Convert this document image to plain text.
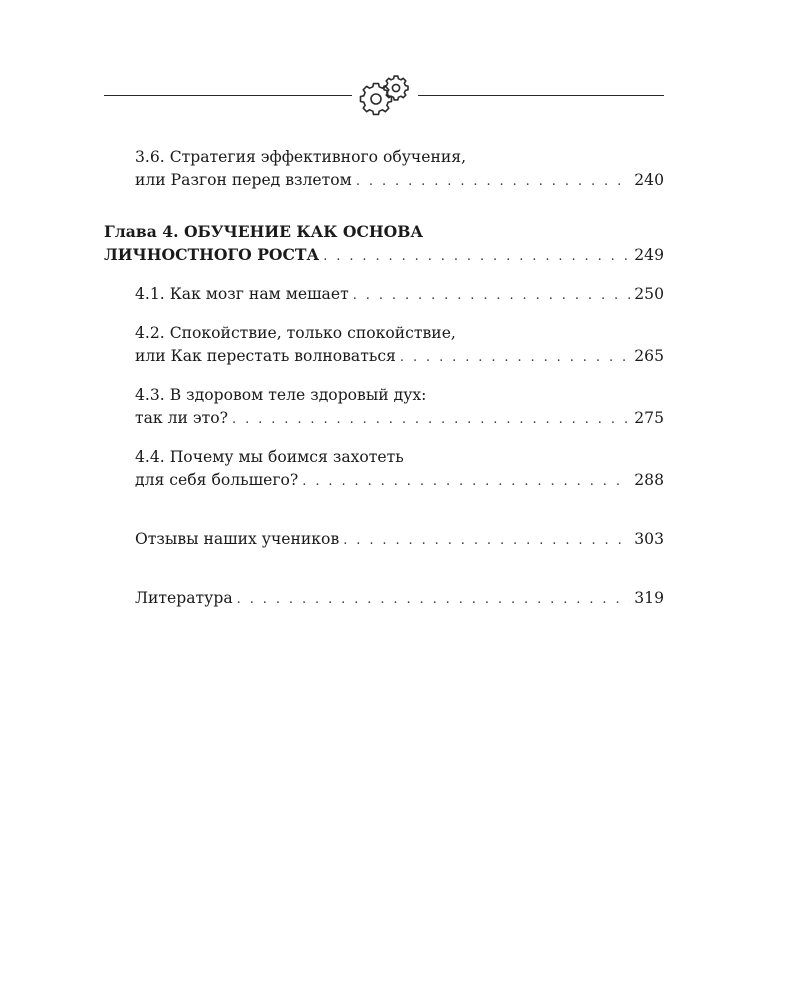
3.6. Стратегия эффективного обучения,
или Разгон перед взлетом . . .	240
Глава 4. ОБУЧЕНИЕ КАК ОСНОВА
ЛИЧНОСТНОГО РОСТА . . .	249
4.1. Как мозг нам мешает . . .	250
4.2. Спокойствие, только спокойствие,
или Как перестать волноваться . . .	265
4.3. В здоровом теле здоровый дух:
так ли это? . . .	275
4.4. Почему мы боимся захотеть
для себя большего? . . .	288
Отзывы наших учеников . . .	303
Литература . . .	319
